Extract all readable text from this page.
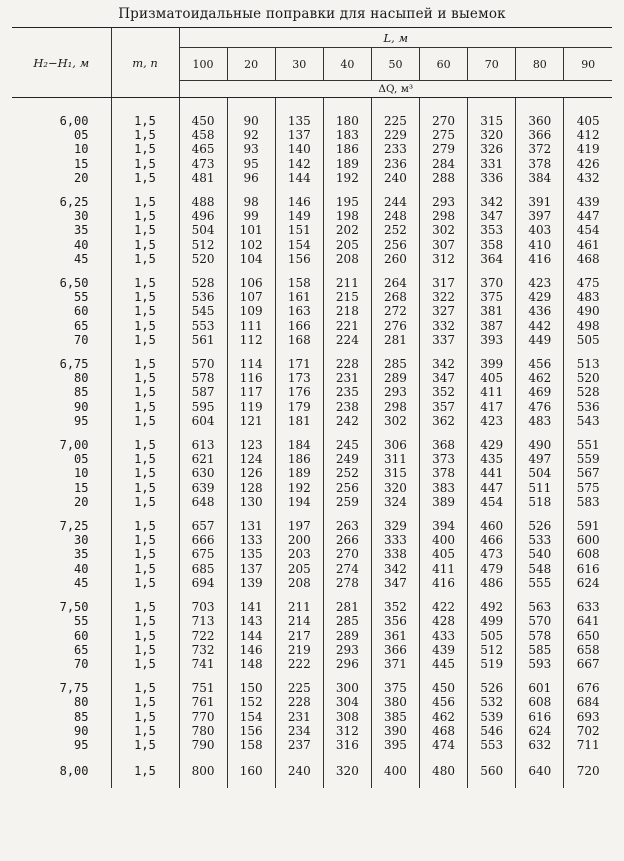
Призматоидальные поправки для насыпей и выемок

H₂−H₁, м	m, n	L, м								
		100	20	30	40	50	60	70	80	90
		ΔQ, м³								
6,00	1,5	450	90	135	180	225	270	315	360	405
05	1,5	458	92	137	183	229	275	320	366	412
10	1,5	465	93	140	186	233	279	326	372	419
15	1,5	473	95	142	189	236	284	331	378	426
20	1,5	481	96	144	192	240	288	336	384	432
6,25	1,5	488	98	146	195	244	293	342	391	439
30	1,5	496	99	149	198	248	298	347	397	447
35	1,5	504	101	151	202	252	302	353	403	454
40	1,5	512	102	154	205	256	307	358	410	461
45	1,5	520	104	156	208	260	312	364	416	468
6,50	1,5	528	106	158	211	264	317	370	423	475
55	1,5	536	107	161	215	268	322	375	429	483
60	1,5	545	109	163	218	272	327	381	436	490
65	1,5	553	111	166	221	276	332	387	442	498
70	1,5	561	112	168	224	281	337	393	449	505
6,75	1,5	570	114	171	228	285	342	399	456	513
80	1,5	578	116	173	231	289	347	405	462	520
85	1,5	587	117	176	235	293	352	411	469	528
90	1,5	595	119	179	238	298	357	417	476	536
95	1,5	604	121	181	242	302	362	423	483	543
7,00	1,5	613	123	184	245	306	368	429	490	551
05	1,5	621	124	186	249	311	373	435	497	559
10	1,5	630	126	189	252	315	378	441	504	567
15	1,5	639	128	192	256	320	383	447	511	575
20	1,5	648	130	194	259	324	389	454	518	583
7,25	1,5	657	131	197	263	329	394	460	526	591
30	1,5	666	133	200	266	333	400	466	533	600
35	1,5	675	135	203	270	338	405	473	540	608
40	1,5	685	137	205	274	342	411	479	548	616
45	1,5	694	139	208	278	347	416	486	555	624
7,50	1,5	703	141	211	281	352	422	492	563	633
55	1,5	713	143	214	285	356	428	499	570	641
60	1,5	722	144	217	289	361	433	505	578	650
65	1,5	732	146	219	293	366	439	512	585	658
70	1,5	741	148	222	296	371	445	519	593	667
7,75	1,5	751	150	225	300	375	450	526	601	676
80	1,5	761	152	228	304	380	456	532	608	684
85	1,5	770	154	231	308	385	462	539	616	693
90	1,5	780	156	234	312	390	468	546	624	702
95	1,5	790	158	237	316	395	474	553	632	711
8,00	1,5	800	160	240	320	400	480	560	640	720
